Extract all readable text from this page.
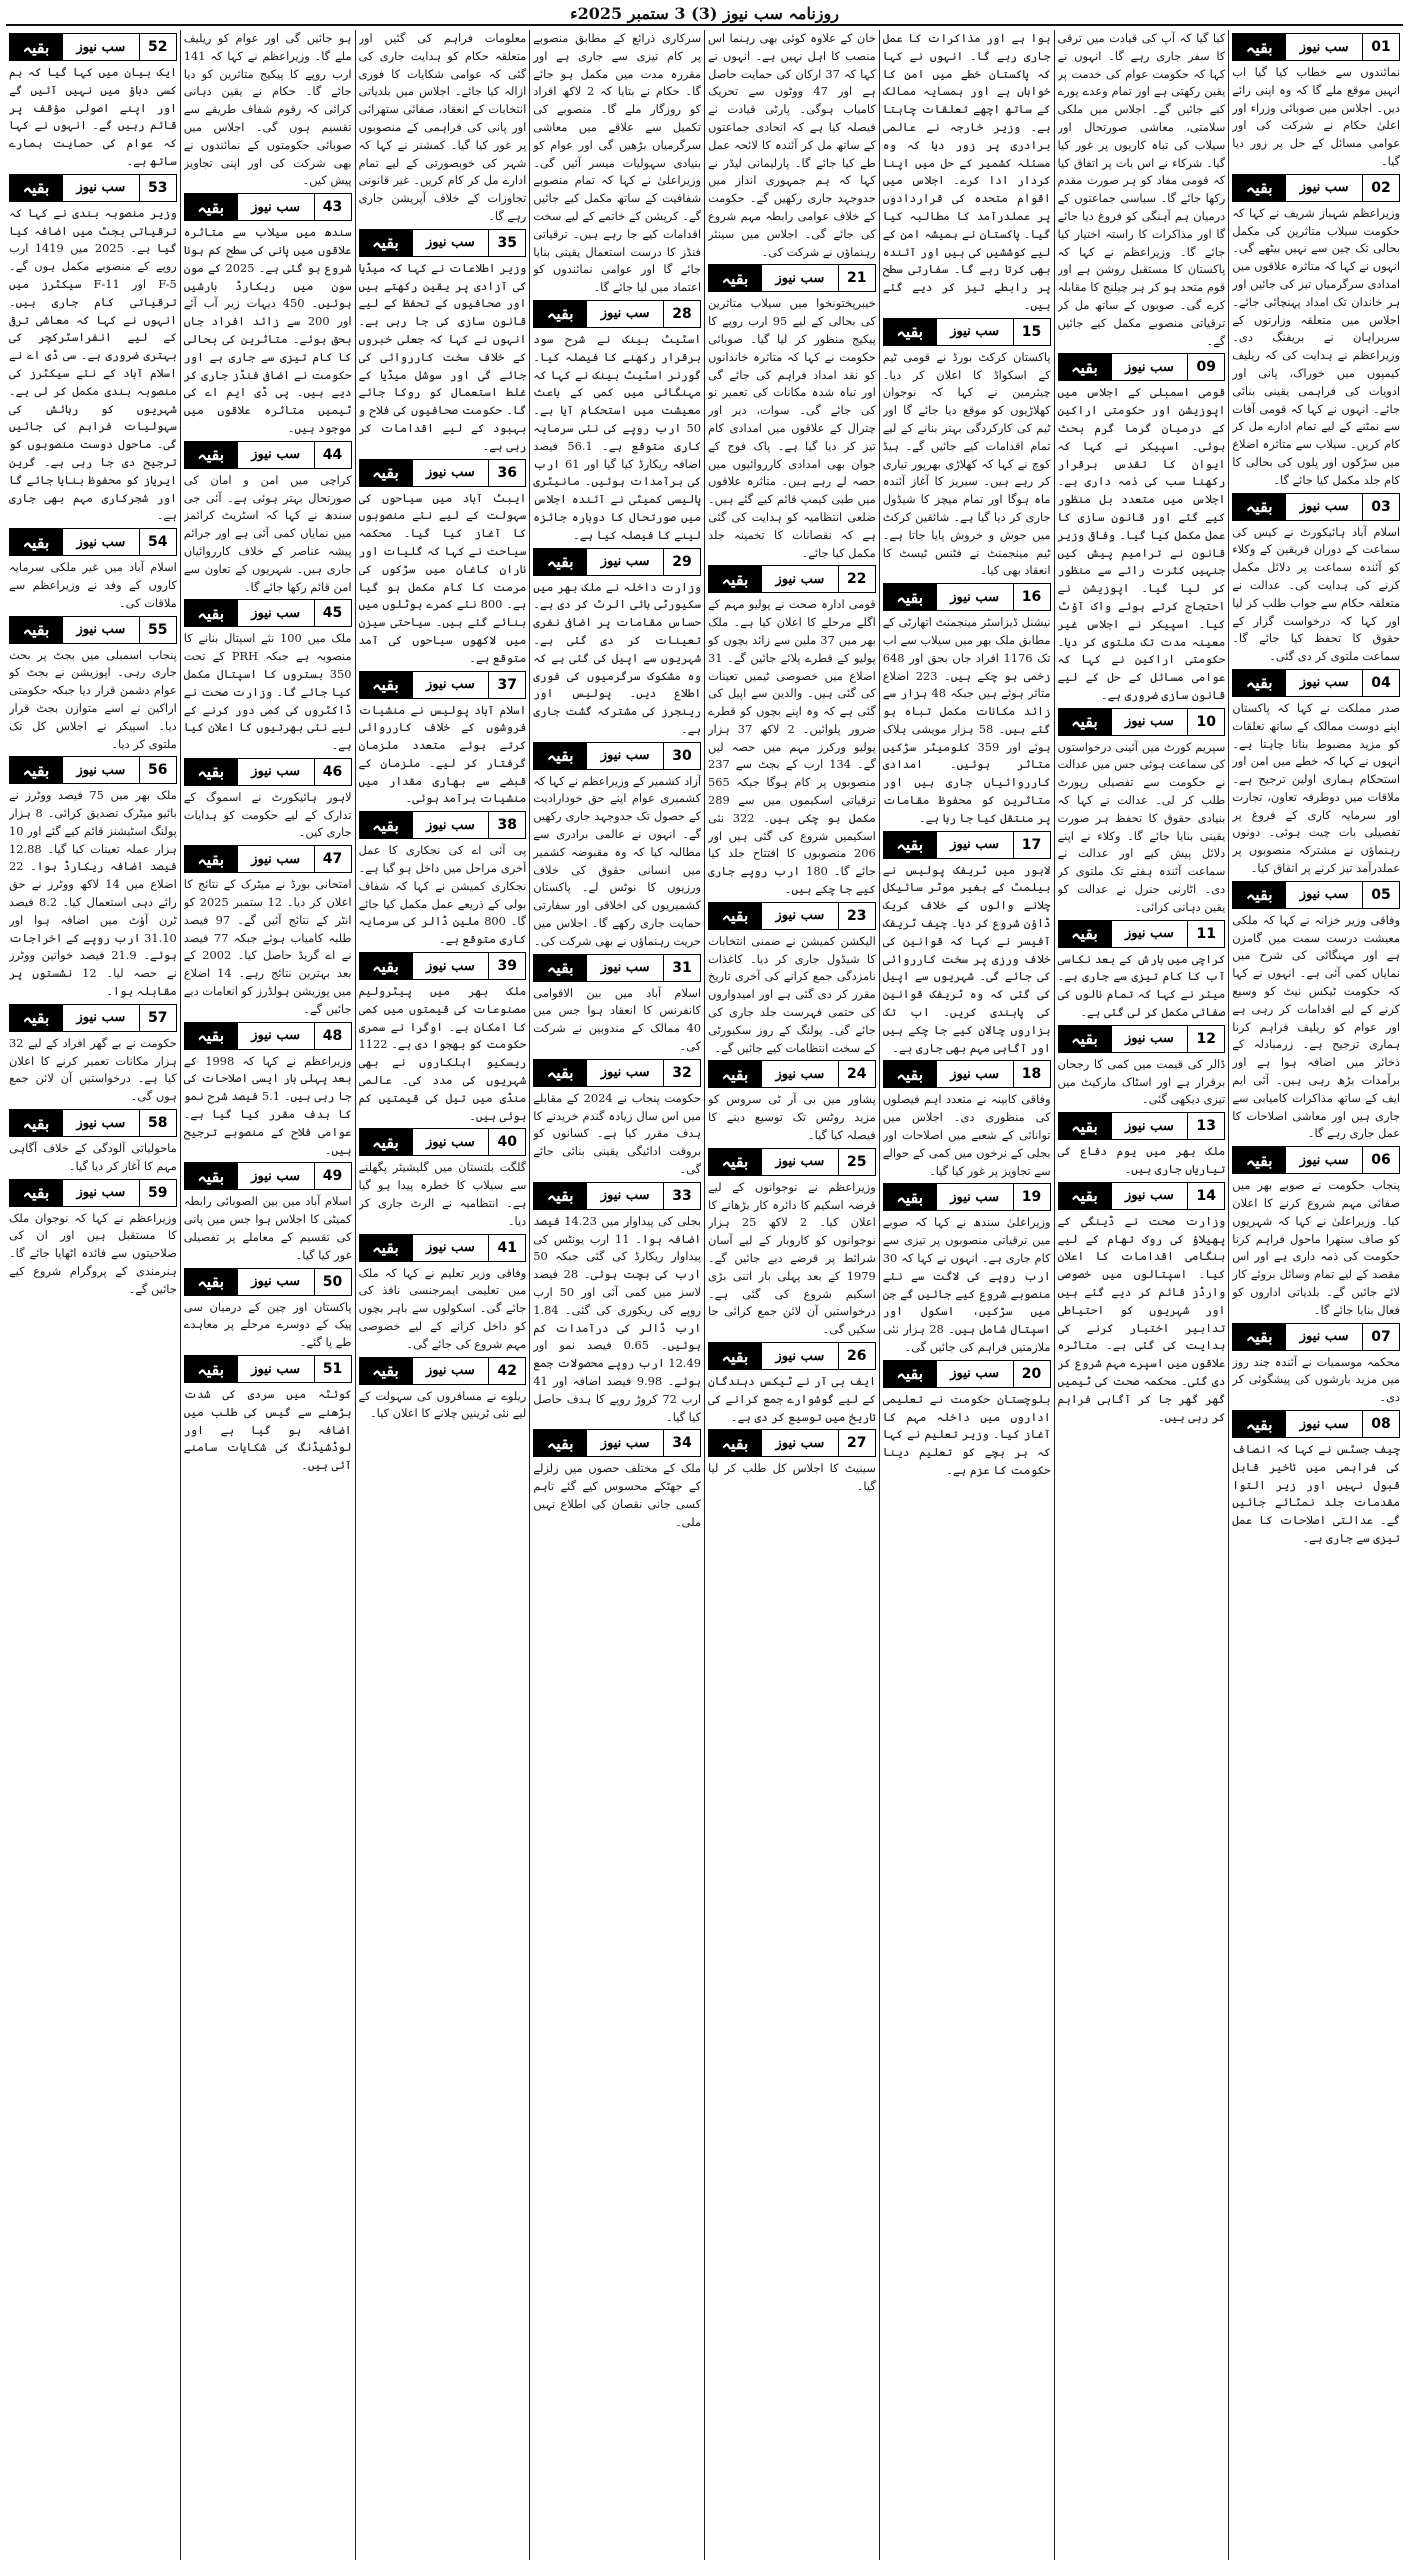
روزنامہ سب نیوز (3) 3 ستمبر 2025ء
01
سب نیوز
بقیہ
نمائندوں سے خطاب کیا گیا اب انہیں موقع ملے گا کہ وہ اپنی رائے دیں۔ اجلاس میں صوبائی وزراء اور اعلیٰ حکام نے شرکت کی اور عوامی مسائل کے حل پر زور دیا گیا۔
02
سب نیوز
بقیہ
وزیراعظم شہباز شریف نے کہا کہ حکومت سیلاب متاثرین کی مکمل بحالی تک چین سے نہیں بیٹھے گی۔ انہوں نے کہا کہ متاثرہ علاقوں میں امدادی سرگرمیاں تیز کی جائیں اور ہر خاندان تک امداد پہنچائی جائے۔ اجلاس میں متعلقہ وزارتوں کے سربراہان نے بریفنگ دی۔ وزیراعظم نے ہدایت کی کہ ریلیف کیمپوں میں خوراک، پانی اور ادویات کی فراہمی یقینی بنائی جائے۔ انہوں نے کہا کہ قومی آفات سے نمٹنے کے لیے تمام ادارے مل کر کام کریں۔ سیلاب سے متاثرہ اضلاع میں سڑکوں اور پلوں کی بحالی کا کام جلد مکمل کیا جائے گا۔
03
سب نیوز
بقیہ
اسلام آباد ہائیکورٹ نے کیس کی سماعت کے دوران فریقین کے وکلاء کو آئندہ سماعت پر دلائل مکمل کرنے کی ہدایت کی۔ عدالت نے متعلقہ حکام سے جواب طلب کر لیا اور کہا کہ درخواست گزار کے حقوق کا تحفظ کیا جائے گا۔ سماعت ملتوی کر دی گئی۔
04
سب نیوز
بقیہ
صدر مملکت نے کہا کہ پاکستان اپنے دوست ممالک کے ساتھ تعلقات کو مزید مضبوط بنانا چاہتا ہے۔ انہوں نے کہا کہ خطے میں امن اور استحکام ہماری اولین ترجیح ہے۔ ملاقات میں دوطرفہ تعاون، تجارت اور سرمایہ کاری کے فروغ پر تفصیلی بات چیت ہوئی۔ دونوں رہنماؤں نے مشترکہ منصوبوں پر عملدرآمد تیز کرنے پر اتفاق کیا۔
05
سب نیوز
بقیہ
وفاقی وزیر خزانہ نے کہا کہ ملکی معیشت درست سمت میں گامزن ہے اور مہنگائی کی شرح میں نمایاں کمی آئی ہے۔ انہوں نے کہا کہ حکومت ٹیکس نیٹ کو وسیع کرنے کے لیے اقدامات کر رہی ہے اور عوام کو ریلیف فراہم کرنا ہماری ترجیح ہے۔ زرمبادلہ کے ذخائر میں اضافہ ہوا ہے اور برآمدات بڑھ رہی ہیں۔ آئی ایم ایف کے ساتھ مذاکرات کامیابی سے جاری ہیں اور معاشی اصلاحات کا عمل جاری رہے گا۔
06
سب نیوز
بقیہ
پنجاب حکومت نے صوبے بھر میں صفائی مہم شروع کرنے کا اعلان کیا۔ وزیراعلیٰ نے کہا کہ شہریوں کو صاف ستھرا ماحول فراہم کرنا حکومت کی ذمہ داری ہے اور اس مقصد کے لیے تمام وسائل بروئے کار لائے جائیں گے۔ بلدیاتی اداروں کو فعال بنایا جائے گا۔
07
سب نیوز
بقیہ
محکمہ موسمیات نے آئندہ چند روز میں مزید بارشوں کی پیشگوئی کر دی۔
08
سب نیوز
بقیہ
چیف جسٹس نے کہا کہ انصاف کی فراہمی میں تاخیر قابل قبول نہیں اور زیر التوا مقدمات جلد نمٹائے جائیں گے۔ عدالتی اصلاحات کا عمل تیزی سے جاری ہے۔
کیا گیا کہ آپ کی قیادت میں ترقی کا سفر جاری رہے گا۔ انہوں نے کہا کہ حکومت عوام کی خدمت پر یقین رکھتی ہے اور تمام وعدے پورے کیے جائیں گے۔ اجلاس میں ملکی سلامتی، معاشی صورتحال اور سیلاب کی تباہ کاریوں پر غور کیا گیا۔ شرکاء نے اس بات پر اتفاق کیا کہ قومی مفاد کو ہر صورت مقدم رکھا جائے گا۔ سیاسی جماعتوں کے درمیان ہم آہنگی کو فروغ دیا جائے گا اور مذاکرات کا راستہ اختیار کیا جائے گا۔ وزیراعظم نے کہا کہ پاکستان کا مستقبل روشن ہے اور قوم متحد ہو کر ہر چیلنج کا مقابلہ کرے گی۔ صوبوں کے ساتھ مل کر ترقیاتی منصوبے مکمل کیے جائیں گے۔
09
سب نیوز
بقیہ
قومی اسمبلی کے اجلاس میں اپوزیشن اور حکومتی اراکین کے درمیان گرما گرم بحث ہوئی۔ اسپیکر نے کہا کہ ایوان کا تقدس برقرار رکھنا سب کی ذمہ داری ہے۔ اجلاس میں متعدد بل منظور کیے گئے اور قانون سازی کا عمل مکمل کیا گیا۔ وفاقی وزیر قانون نے ترامیم پیش کیں جنہیں کثرت رائے سے منظور کر لیا گیا۔ اپوزیشن نے احتجاج کرتے ہوئے واک آؤٹ کیا۔ اسپیکر نے اجلاس غیر معینہ مدت تک ملتوی کر دیا۔ حکومتی اراکین نے کہا کہ عوامی مسائل کے حل کے لیے قانون سازی ضروری ہے۔
10
سب نیوز
بقیہ
سپریم کورٹ میں آئینی درخواستوں کی سماعت ہوئی جس میں عدالت نے حکومت سے تفصیلی رپورٹ طلب کر لی۔ عدالت نے کہا کہ بنیادی حقوق کا تحفظ ہر صورت یقینی بنایا جائے گا۔ وکلاء نے اپنے دلائل پیش کیے اور عدالت نے سماعت آئندہ ہفتے تک ملتوی کر دی۔ اٹارنی جنرل نے عدالت کو یقین دہانی کرائی۔
11
سب نیوز
بقیہ
کراچی میں بارش کے بعد نکاسی آب کا کام تیزی سے جاری ہے۔ میئر نے کہا کہ تمام نالوں کی صفائی مکمل کر لی گئی ہے۔
12
سب نیوز
بقیہ
ڈالر کی قیمت میں کمی کا رجحان برقرار ہے اور اسٹاک مارکیٹ میں تیزی دیکھی گئی۔
13
سب نیوز
بقیہ
ملک بھر میں یوم دفاع کی تیاریاں جاری ہیں۔
14
سب نیوز
بقیہ
وزارت صحت نے ڈینگی کے پھیلاؤ کی روک تھام کے لیے ہنگامی اقدامات کا اعلان کیا۔ اسپتالوں میں خصوصی وارڈز قائم کر دیے گئے ہیں اور شہریوں کو احتیاطی تدابیر اختیار کرنے کی ہدایت کی گئی ہے۔ متاثرہ علاقوں میں اسپرے مہم شروع کر دی گئی۔ محکمہ صحت کی ٹیمیں گھر گھر جا کر آگاہی فراہم کر رہی ہیں۔
ہوا ہے اور مذاکرات کا عمل جاری رہے گا۔ انہوں نے کہا کہ پاکستان خطے میں امن کا خواہاں ہے اور ہمسایہ ممالک کے ساتھ اچھے تعلقات چاہتا ہے۔ وزیر خارجہ نے عالمی برادری پر زور دیا کہ وہ مسئلہ کشمیر کے حل میں اپنا کردار ادا کرے۔ اجلاس میں اقوام متحدہ کی قراردادوں پر عملدرآمد کا مطالبہ کیا گیا۔ پاکستان نے ہمیشہ امن کے لیے کوششیں کی ہیں اور آئندہ بھی کرتا رہے گا۔ سفارتی سطح پر رابطے تیز کر دیے گئے ہیں۔
15
سب نیوز
بقیہ
پاکستان کرکٹ بورڈ نے قومی ٹیم کے اسکواڈ کا اعلان کر دیا۔ چیئرمین نے کہا کہ نوجوان کھلاڑیوں کو موقع دیا جائے گا اور ٹیم کی کارکردگی بہتر بنانے کے لیے تمام اقدامات کیے جائیں گے۔ ہیڈ کوچ نے کہا کہ کھلاڑی بھرپور تیاری کر رہے ہیں۔ سیریز کا آغاز آئندہ ماہ ہوگا اور تمام میچز کا شیڈول جاری کر دیا گیا ہے۔ شائقین کرکٹ میں جوش و خروش پایا جاتا ہے۔ ٹیم مینجمنٹ نے فٹنس ٹیسٹ کا انعقاد بھی کیا۔
16
سب نیوز
بقیہ
نیشنل ڈیزاسٹر مینجمنٹ اتھارٹی کے مطابق ملک بھر میں سیلاب سے اب تک 1176 افراد جاں بحق اور 648 زخمی ہو چکے ہیں۔ 223 اضلاع متاثر ہوئے ہیں جبکہ 48 ہزار سے زائد مکانات مکمل تباہ ہو گئے ہیں۔ 58 ہزار مویشی ہلاک ہوئے اور 359 کلومیٹر سڑکیں متاثر ہوئیں۔ امدادی کارروائیاں جاری ہیں اور متاثرین کو محفوظ مقامات پر منتقل کیا جا رہا ہے۔
17
سب نیوز
بقیہ
لاہور میں ٹریفک پولیس نے ہیلمٹ کے بغیر موٹر سائیکل چلانے والوں کے خلاف کریک ڈاؤن شروع کر دیا۔ چیف ٹریفک آفیسر نے کہا کہ قوانین کی خلاف ورزی پر سخت کارروائی کی جائے گی۔ شہریوں سے اپیل کی گئی کہ وہ ٹریفک قوانین کی پابندی کریں۔ اب تک ہزاروں چالان کیے جا چکے ہیں اور آگاہی مہم بھی جاری ہے۔
18
سب نیوز
بقیہ
وفاقی کابینہ نے متعدد اہم فیصلوں کی منظوری دی۔ اجلاس میں توانائی کے شعبے میں اصلاحات اور بجلی کے نرخوں میں کمی کے حوالے سے تجاویز پر غور کیا گیا۔
19
سب نیوز
بقیہ
وزیراعلیٰ سندھ نے کہا کہ صوبے میں ترقیاتی منصوبوں پر تیزی سے کام جاری ہے۔ انہوں نے کہا کہ 30 ارب روپے کی لاگت سے نئے منصوبے شروع کیے جائیں گے جن میں سڑکیں، اسکول اور اسپتال شامل ہیں۔ 28 ہزار نئی ملازمتیں فراہم کی جائیں گی۔
20
سب نیوز
بقیہ
بلوچستان حکومت نے تعلیمی اداروں میں داخلہ مہم کا آغاز کیا۔ وزیر تعلیم نے کہا کہ ہر بچے کو تعلیم دینا حکومت کا عزم ہے۔
خان کے علاوہ کوئی بھی رہنما اس منصب کا اہل نہیں ہے۔ انہوں نے کہا کہ 37 ارکان کی حمایت حاصل ہے اور 47 ووٹوں سے تحریک کامیاب ہوگی۔ پارٹی قیادت نے فیصلہ کیا ہے کہ اتحادی جماعتوں کے ساتھ مل کر آئندہ کا لائحہ عمل طے کیا جائے گا۔ پارلیمانی لیڈر نے کہا کہ ہم جمہوری انداز میں جدوجہد جاری رکھیں گے۔ حکومت کے خلاف عوامی رابطہ مہم شروع کی جائے گی۔ اجلاس میں سینئر رہنماؤں نے شرکت کی۔
21
سب نیوز
بقیہ
خیبرپختونخوا میں سیلاب متاثرین کی بحالی کے لیے 95 ارب روپے کا پیکیج منظور کر لیا گیا۔ صوبائی حکومت نے کہا کہ متاثرہ خاندانوں کو نقد امداد فراہم کی جائے گی اور تباہ شدہ مکانات کی تعمیر نو کی جائے گی۔ سوات، دیر اور چترال کے علاقوں میں امدادی کام تیز کر دیا گیا ہے۔ پاک فوج کے جوان بھی امدادی کارروائیوں میں حصہ لے رہے ہیں۔ متاثرہ علاقوں میں طبی کیمپ قائم کیے گئے ہیں۔ ضلعی انتظامیہ کو ہدایت کی گئی ہے کہ نقصانات کا تخمینہ جلد مکمل کیا جائے۔
22
سب نیوز
بقیہ
قومی ادارہ صحت نے پولیو مہم کے اگلے مرحلے کا اعلان کیا ہے۔ ملک بھر میں 37 ملین سے زائد بچوں کو پولیو کے قطرے پلائے جائیں گے۔ 31 اضلاع میں خصوصی ٹیمیں تعینات کی گئی ہیں۔ والدین سے اپیل کی گئی ہے کہ وہ اپنے بچوں کو قطرے ضرور پلوائیں۔ 2 لاکھ 37 ہزار پولیو ورکرز مہم میں حصہ لیں گے۔ 134 ارب کے بجٹ سے 237 منصوبوں پر کام ہوگا جبکہ 565 ترقیاتی اسکیموں میں سے 289 مکمل ہو چکی ہیں۔ 322 نئی اسکیمیں شروع کی گئی ہیں اور 206 منصوبوں کا افتتاح جلد کیا جائے گا۔ 180 ارب روپے جاری کیے جا چکے ہیں۔
23
سب نیوز
بقیہ
الیکشن کمیشن نے ضمنی انتخابات کا شیڈول جاری کر دیا۔ کاغذات نامزدگی جمع کرانے کی آخری تاریخ مقرر کر دی گئی ہے اور امیدواروں کی حتمی فہرست جلد جاری کی جائے گی۔ پولنگ کے روز سکیورٹی کے سخت انتظامات کیے جائیں گے۔
24
سب نیوز
بقیہ
پشاور میں بی آر ٹی سروس کو مزید روٹس تک توسیع دینے کا فیصلہ کیا گیا۔
25
سب نیوز
بقیہ
وزیراعظم نے نوجوانوں کے لیے قرضہ اسکیم کا دائرہ کار بڑھانے کا اعلان کیا۔ 2 لاکھ 25 ہزار نوجوانوں کو کاروبار کے لیے آسان شرائط پر قرضے دیے جائیں گے۔ 1979 کے بعد پہلی بار اتنی بڑی اسکیم شروع کی گئی ہے۔ درخواستیں آن لائن جمع کرائی جا سکیں گی۔
26
سب نیوز
بقیہ
ایف بی آر نے ٹیکس دہندگان کے لیے گوشوارے جمع کرانے کی تاریخ میں توسیع کر دی ہے۔
27
سب نیوز
بقیہ
سینیٹ کا اجلاس کل طلب کر لیا گیا۔
سرکاری ذرائع کے مطابق منصوبے پر کام تیزی سے جاری ہے اور مقررہ مدت میں مکمل ہو جائے گا۔ حکام نے بتایا کہ 2 لاکھ افراد کو روزگار ملے گا۔ منصوبے کی تکمیل سے علاقے میں معاشی سرگرمیاں بڑھیں گی اور عوام کو بنیادی سہولیات میسر آئیں گی۔ وزیراعلیٰ نے کہا کہ تمام منصوبے شفافیت کے ساتھ مکمل کیے جائیں گے۔ کرپشن کے خاتمے کے لیے سخت اقدامات کیے جا رہے ہیں۔ ترقیاتی فنڈز کا درست استعمال یقینی بنایا جائے گا اور عوامی نمائندوں کو اعتماد میں لیا جائے گا۔
28
سب نیوز
بقیہ
اسٹیٹ بینک نے شرح سود برقرار رکھنے کا فیصلہ کیا۔ گورنر اسٹیٹ بینک نے کہا کہ مہنگائی میں کمی کے باعث معیشت میں استحکام آیا ہے۔ 50 ارب روپے کی نئی سرمایہ کاری متوقع ہے۔ 56.1 فیصد اضافہ ریکارڈ کیا گیا اور 61 ارب کی برآمدات ہوئیں۔ مانیٹری پالیسی کمیٹی نے آئندہ اجلاس میں صورتحال کا دوبارہ جائزہ لینے کا فیصلہ کیا ہے۔
29
سب نیوز
بقیہ
وزارت داخلہ نے ملک بھر میں سکیورٹی ہائی الرٹ کر دی ہے۔ حساس مقامات پر اضافی نفری تعینات کر دی گئی ہے۔ شہریوں سے اپیل کی گئی ہے کہ وہ مشکوک سرگرمیوں کی فوری اطلاع دیں۔ پولیس اور رینجرز کی مشترکہ گشت جاری ہے۔
30
سب نیوز
بقیہ
آزاد کشمیر کے وزیراعظم نے کہا کہ کشمیری عوام اپنے حق خودارادیت کے حصول تک جدوجہد جاری رکھیں گے۔ انہوں نے عالمی برادری سے مطالبہ کیا کہ وہ مقبوضہ کشمیر میں انسانی حقوق کی خلاف ورزیوں کا نوٹس لے۔ پاکستان کشمیریوں کی اخلاقی اور سفارتی حمایت جاری رکھے گا۔ اجلاس میں حریت رہنماؤں نے بھی شرکت کی۔
31
سب نیوز
بقیہ
اسلام آباد میں بین الاقوامی کانفرنس کا انعقاد ہوا جس میں 40 ممالک کے مندوبین نے شرکت کی۔
32
سب نیوز
بقیہ
حکومت پنجاب نے 2024 کے مقابلے میں اس سال زیادہ گندم خریدنے کا ہدف مقرر کیا ہے۔ کسانوں کو بروقت ادائیگی یقینی بنائی جائے گی۔
33
سب نیوز
بقیہ
بجلی کی پیداوار میں 14.23 فیصد اضافہ ہوا۔ 11 ارب یونٹس کی پیداوار ریکارڈ کی گئی جبکہ 50 ارب کی بچت ہوئی۔ 28 فیصد لاسز میں کمی آئی اور 50 ارب روپے کی ریکوری کی گئی۔ 1.84 ارب ڈالر کی درآمدات کم ہوئیں۔ 0.65 فیصد نمو اور 12.49 ارب روپے محصولات جمع ہوئے۔ 9.98 فیصد اضافہ اور 41 ارب 72 کروڑ روپے کا ہدف حاصل کیا گیا۔
34
سب نیوز
بقیہ
ملک کے مختلف حصوں میں زلزلے کے جھٹکے محسوس کیے گئے تاہم کسی جانی نقصان کی اطلاع نہیں ملی۔
معلومات فراہم کی گئیں اور متعلقہ حکام کو ہدایت جاری کی گئی کہ عوامی شکایات کا فوری ازالہ کیا جائے۔ اجلاس میں بلدیاتی انتخابات کے انعقاد، صفائی ستھرائی اور پانی کی فراہمی کے منصوبوں پر غور کیا گیا۔ کمشنر نے کہا کہ شہر کی خوبصورتی کے لیے تمام ادارے مل کر کام کریں۔ غیر قانونی تجاوزات کے خلاف آپریشن جاری رہے گا۔
35
سب نیوز
بقیہ
وزیر اطلاعات نے کہا کہ میڈیا کی آزادی پر یقین رکھتے ہیں اور صحافیوں کے تحفظ کے لیے قانون سازی کی جا رہی ہے۔ انہوں نے کہا کہ جعلی خبروں کے خلاف سخت کارروائی کی جائے گی اور سوشل میڈیا کے غلط استعمال کو روکا جائے گا۔ حکومت صحافیوں کی فلاح و بہبود کے لیے اقدامات کر رہی ہے۔
36
سب نیوز
بقیہ
ایبٹ آباد میں سیاحوں کی سہولت کے لیے نئے منصوبوں کا آغاز کیا گیا۔ محکمہ سیاحت نے کہا کہ گلیات اور ناران کاغان میں سڑکوں کی مرمت کا کام مکمل ہو گیا ہے۔ 800 نئے کمرے ہوٹلوں میں بنائے گئے ہیں۔ سیاحتی سیزن میں لاکھوں سیاحوں کی آمد متوقع ہے۔
37
سب نیوز
بقیہ
اسلام آباد پولیس نے منشیات فروشوں کے خلاف کارروائی کرتے ہوئے متعدد ملزمان گرفتار کر لیے۔ ملزمان کے قبضے سے بھاری مقدار میں منشیات برآمد ہوئی۔
38
سب نیوز
بقیہ
پی آئی اے کی نجکاری کا عمل آخری مراحل میں داخل ہو گیا ہے۔ نجکاری کمیشن نے کہا کہ شفاف بولی کے ذریعے عمل مکمل کیا جائے گا۔ 800 ملین ڈالر کی سرمایہ کاری متوقع ہے۔
39
سب نیوز
بقیہ
ملک بھر میں پیٹرولیم مصنوعات کی قیمتوں میں کمی کا امکان ہے۔ اوگرا نے سمری حکومت کو بھجوا دی ہے۔ 1122 ریسکیو اہلکاروں نے بھی شہریوں کی مدد کی۔ عالمی منڈی میں تیل کی قیمتیں کم ہوئی ہیں۔
40
سب نیوز
بقیہ
گلگت بلتستان میں گلیشیئر پگھلنے سے سیلاب کا خطرہ پیدا ہو گیا ہے۔ انتظامیہ نے الرٹ جاری کر دیا۔
41
سب نیوز
بقیہ
وفاقی وزیر تعلیم نے کہا کہ ملک میں تعلیمی ایمرجنسی نافذ کی جائے گی۔ اسکولوں سے باہر بچوں کو داخل کرانے کے لیے خصوصی مہم شروع کی جائے گی۔
42
سب نیوز
بقیہ
ریلوے نے مسافروں کی سہولت کے لیے نئی ٹرینیں چلانے کا اعلان کیا۔
ہو جائیں گی اور عوام کو ریلیف ملے گا۔ وزیراعظم نے کہا کہ 141 ارب روپے کا پیکیج متاثرین کو دیا جائے گا۔ حکام نے یقین دہانی کرائی کہ رقوم شفاف طریقے سے تقسیم ہوں گی۔ اجلاس میں صوبائی حکومتوں کے نمائندوں نے بھی شرکت کی اور اپنی تجاویز پیش کیں۔
43
سب نیوز
بقیہ
سندھ میں سیلاب سے متاثرہ علاقوں میں پانی کی سطح کم ہونا شروع ہو گئی ہے۔ 2025 کے مون سون میں ریکارڈ بارشیں ہوئیں۔ 450 دیہات زیر آب آئے اور 200 سے زائد افراد جاں بحق ہوئے۔ متاثرین کی بحالی کا کام تیزی سے جاری ہے اور حکومت نے اضافی فنڈز جاری کر دیے ہیں۔ پی ڈی ایم اے کی ٹیمیں متاثرہ علاقوں میں موجود ہیں۔
44
سب نیوز
بقیہ
کراچی میں امن و امان کی صورتحال بہتر ہوئی ہے۔ آئی جی سندھ نے کہا کہ اسٹریٹ کرائمز میں نمایاں کمی آئی ہے اور جرائم پیشہ عناصر کے خلاف کارروائیاں جاری ہیں۔ شہریوں کے تعاون سے امن قائم رکھا جائے گا۔
45
سب نیوز
بقیہ
ملک میں 100 نئے اسپتال بنانے کا منصوبہ ہے جبکہ PRH کے تحت 350 بستروں کا اسپتال مکمل کیا جائے گا۔ وزارت صحت نے ڈاکٹروں کی کمی دور کرنے کے لیے نئی بھرتیوں کا اعلان کیا ہے۔
46
سب نیوز
بقیہ
لاہور ہائیکورٹ نے اسموگ کے تدارک کے لیے حکومت کو ہدایات جاری کیں۔
47
سب نیوز
بقیہ
امتحانی بورڈ نے میٹرک کے نتائج کا اعلان کر دیا۔ 12 ستمبر 2025 کو انٹر کے نتائج آئیں گے۔ 97 فیصد طلبہ کامیاب ہوئے جبکہ 77 فیصد نے اے گریڈ حاصل کیا۔ 2002 کے بعد بہترین نتائج رہے۔ 14 اضلاع میں پوزیشن ہولڈرز کو انعامات دیے جائیں گے۔
48
سب نیوز
بقیہ
وزیراعظم نے کہا کہ 1998 کے بعد پہلی بار ایسی اصلاحات کی جا رہی ہیں۔ 5.1 فیصد شرح نمو کا ہدف مقرر کیا گیا ہے۔ عوامی فلاح کے منصوبے ترجیح ہیں۔
49
سب نیوز
بقیہ
اسلام آباد میں بین الصوبائی رابطہ کمیٹی کا اجلاس ہوا جس میں پانی کی تقسیم کے معاملے پر تفصیلی غور کیا گیا۔
50
سب نیوز
بقیہ
پاکستان اور چین کے درمیان سی پیک کے دوسرے مرحلے پر معاہدے طے پا گئے۔
51
سب نیوز
بقیہ
کوئٹہ میں سردی کی شدت بڑھنے سے گیس کی طلب میں اضافہ ہو گیا ہے اور لوڈشیڈنگ کی شکایات سامنے آئی ہیں۔
52
سب نیوز
بقیہ
ایک بیان میں کہا گیا کہ ہم کسی دباؤ میں نہیں آئیں گے اور اپنے اصولی مؤقف پر قائم رہیں گے۔ انہوں نے کہا کہ عوام کی حمایت ہمارے ساتھ ہے۔
53
سب نیوز
بقیہ
وزیر منصوبہ بندی نے کہا کہ ترقیاتی بجٹ میں اضافہ کیا گیا ہے۔ 2025 میں 1419 ارب روپے کے منصوبے مکمل ہوں گے۔ F-5 اور 11-F سیکٹرز میں ترقیاتی کام جاری ہیں۔ انہوں نے کہا کہ معاشی ترقی کے لیے انفراسٹرکچر کی بہتری ضروری ہے۔ سی ڈی اے نے اسلام آباد کے نئے سیکٹرز کی منصوبہ بندی مکمل کر لی ہے۔ شہریوں کو رہائش کی سہولیات فراہم کی جائیں گی۔ ماحول دوست منصوبوں کو ترجیح دی جا رہی ہے۔ گرین ایریاز کو محفوظ بنایا جائے گا اور شجرکاری مہم بھی جاری ہے۔
54
سب نیوز
بقیہ
اسلام آباد میں غیر ملکی سرمایہ کاروں کے وفد نے وزیراعظم سے ملاقات کی۔
55
سب نیوز
بقیہ
پنجاب اسمبلی میں بجٹ پر بحث جاری رہی۔ اپوزیشن نے بجٹ کو عوام دشمن قرار دیا جبکہ حکومتی اراکین نے اسے متوازن بجٹ قرار دیا۔ اسپیکر نے اجلاس کل تک ملتوی کر دیا۔
56
سب نیوز
بقیہ
ملک بھر میں 75 فیصد ووٹرز نے بائیو میٹرک تصدیق کرائی۔ 8 ہزار پولنگ اسٹیشنز قائم کیے گئے اور 10 ہزار عملہ تعینات کیا گیا۔ 12.88 فیصد اضافہ ریکارڈ ہوا۔ 22 اضلاع میں 14 لاکھ ووٹرز نے حق رائے دہی استعمال کیا۔ 8.2 فیصد ٹرن آؤٹ میں اضافہ ہوا اور 31.10 ارب روپے کے اخراجات ہوئے۔ 21.9 فیصد خواتین ووٹرز نے حصہ لیا۔ 12 نشستوں پر مقابلہ ہوا۔
57
سب نیوز
بقیہ
حکومت نے بے گھر افراد کے لیے 32 ہزار مکانات تعمیر کرنے کا اعلان کیا ہے۔ درخواستیں آن لائن جمع ہوں گی۔
58
سب نیوز
بقیہ
ماحولیاتی آلودگی کے خلاف آگاہی مہم کا آغاز کر دیا گیا۔
59
سب نیوز
بقیہ
وزیراعظم نے کہا کہ نوجوان ملک کا مستقبل ہیں اور ان کی صلاحیتوں سے فائدہ اٹھایا جائے گا۔ ہنرمندی کے پروگرام شروع کیے جائیں گے۔
